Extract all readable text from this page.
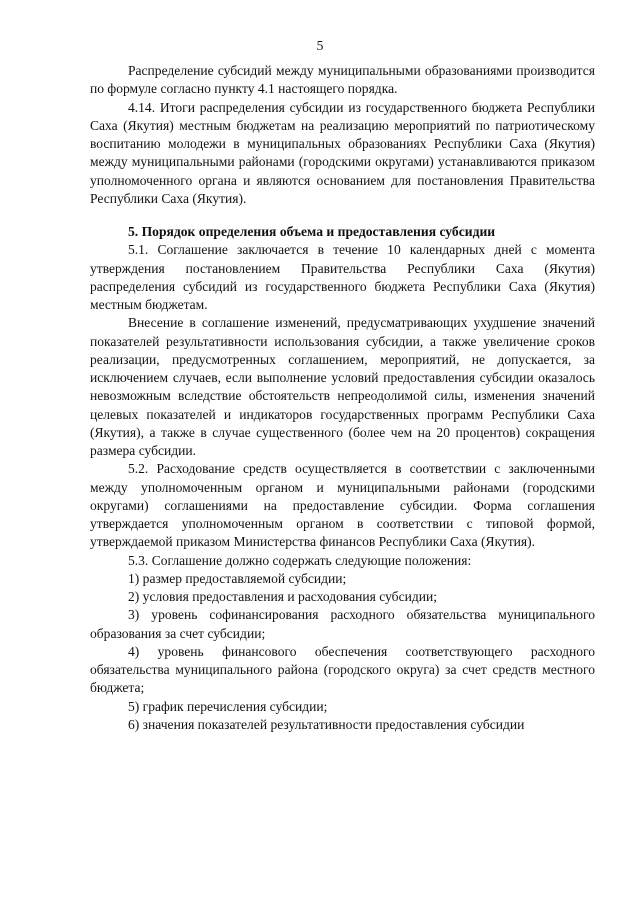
5

Распределение субсидий между муниципальными образованиями производится по формуле согласно пункту 4.1 настоящего порядка.

4.14. Итоги распределения субсидии из государственного бюджета Республики Саха (Якутия) местным бюджетам на реализацию мероприятий по патриотическому воспитанию молодежи в муниципальных образованиях Республики Саха (Якутия) между муниципальными районами (городскими округами) устанавливаются приказом уполномоченного органа и являются основанием для постановления Правительства Республики Саха (Якутия).

5. Порядок определения объема и предоставления субсидии

5.1. Соглашение заключается в течение 10 календарных дней с момента утверждения постановлением Правительства Республики Саха (Якутия) распределения субсидий из государственного бюджета Республики Саха (Якутия) местным бюджетам.

Внесение в соглашение изменений, предусматривающих ухудшение значений показателей результативности использования субсидии, а также увеличение сроков реализации, предусмотренных соглашением, мероприятий, не допускается, за исключением случаев, если выполнение условий предоставления субсидии оказалось невозможным вследствие обстоятельств непреодолимой силы, изменения значений целевых показателей и индикаторов государственных программ Республики Саха (Якутия), а также в случае существенного (более чем на 20 процентов) сокращения размера субсидии.

5.2. Расходование средств осуществляется в соответствии с заключенными между уполномоченным органом и муниципальными районами (городскими округами) соглашениями на предоставление субсидии. Форма соглашения утверждается уполномоченным органом в соответствии с типовой формой, утверждаемой приказом Министерства финансов Республики Саха (Якутия).

5.3. Соглашение должно содержать следующие положения:

1) размер предоставляемой субсидии;

2) условия предоставления и расходования субсидии;

3) уровень софинансирования расходного обязательства муниципального образования за счет субсидии;

4) уровень финансового обеспечения соответствующего расходного обязательства муниципального района (городского округа) за счет средств местного бюджета;

5) график перечисления субсидии;

6) значения показателей результативности предоставления субсидии
